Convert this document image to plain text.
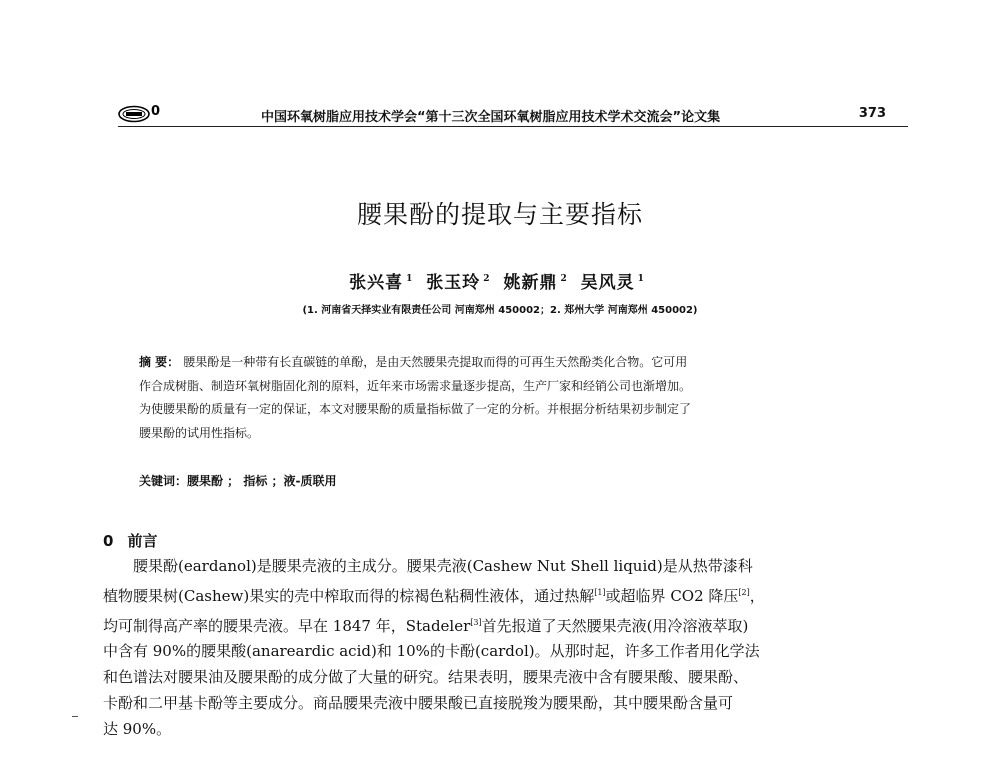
0	中国环氧树脂应用技术学会“第十三次全国环氧树脂应用技术学术交流会”论文集	373
腰果酚的提取与主要指标
张兴喜 $^1$ 张玉玲 $^2$ 姚新鼎 $^2$ 吴风灵 $^1$
(1. 河南省天择实业有限责任公司 河南郑州 450002；2. 郑州大学 河南郑州 450002)
摘 要： 腰果酚是一种带有长直碳链的单酚，是由天然腰果壳提取而得的可再生天然酚类化合物。它可用
作合成树脂、制造环氧树脂固化剂的原料，近年来市场需求量逐步提高，生产厂家和经销公司也渐增加。
为使腰果酚的质量有一定的保证，本文对腰果酚的质量指标做了一定的分析。并根据分析结果初步制定了
腰果酚的试用性指标。
关键词：腰果酚 ； 指标 ；液-质联用
0 前言
腰果酚(eardanol)是腰果壳液的主成分。腰果壳液(Cashew Nut Shell liquid)是从热带漆科
植物腰果树(Cashew)果实的壳中榨取而得的棕褐色粘稠性液体，通过热解[1]或超临界 CO2 降压[2]，
均可制得高产率的腰果壳液。早在 1847 年，Stadeler[3]首先报道了天然腰果壳液(用冷溶液萃取)
中含有 90%的腰果酸(anareardic acid)和 10%的卡酚(cardol)。从那时起，许多工作者用化学法
和色谱法对腰果油及腰果酚的成分做了大量的研究。结果表明，腰果壳液中含有腰果酸、腰果酚、
卡酚和二甲基卡酚等主要成分。商品腰果壳液中腰果酸已直接脱羧为腰果酚，其中腰果酚含量可
达 90%。
